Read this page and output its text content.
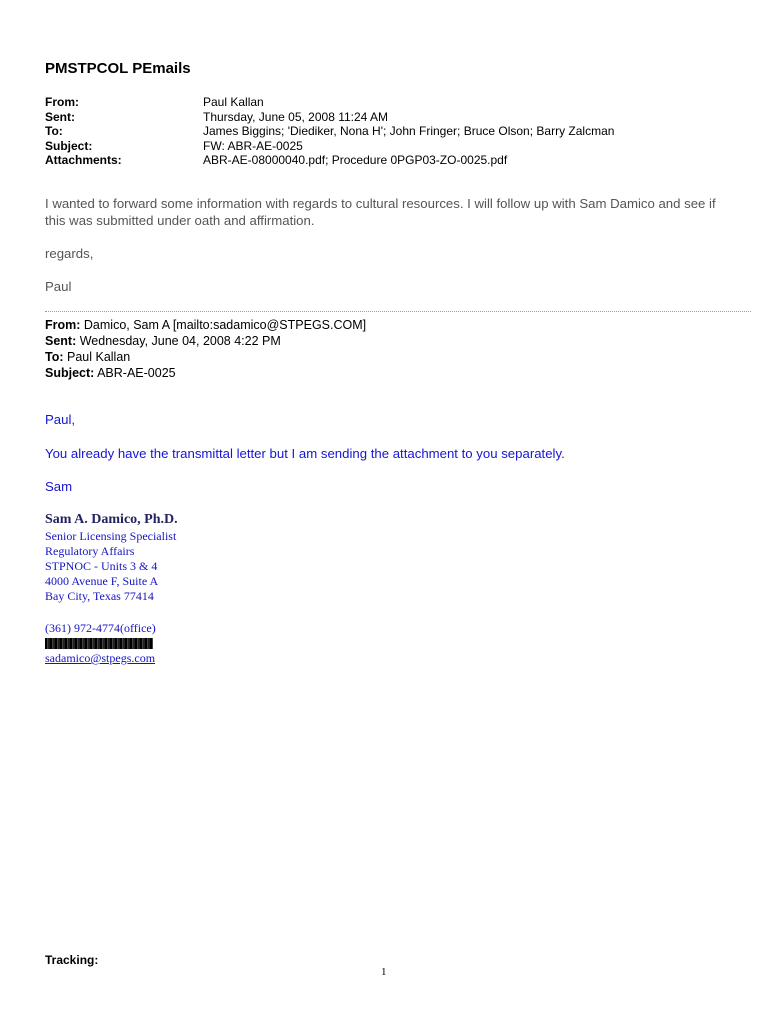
PMSTPCOL PEmails
From:	Paul Kallan
Sent:	Thursday, June 05, 2008 11:24 AM
To:	James Biggins; 'Diediker, Nona H'; John Fringer; Bruce Olson; Barry Zalcman
Subject:	FW: ABR-AE-0025
Attachments:	ABR-AE-08000040.pdf; Procedure 0PGP03-ZO-0025.pdf
I wanted to forward some information with regards to cultural resources. I will follow up with Sam Damico and see if this was submitted under oath and affirmation.
regards,
Paul
From: Damico, Sam A [mailto:sadamico@STPEGS.COM]
Sent: Wednesday, June 04, 2008 4:22 PM
To: Paul Kallan
Subject: ABR-AE-0025
Paul,
You already have the transmittal letter but I am sending the attachment to you separately.
Sam
Sam A. Damico, Ph.D.
Senior Licensing Specialist
Regulatory Affairs
STPNOC - Units 3 & 4
4000 Avenue F, Suite A
Bay City, Texas 77414
(361) 972-4774(office)
sadamico@stpegs.com
Tracking:
1
